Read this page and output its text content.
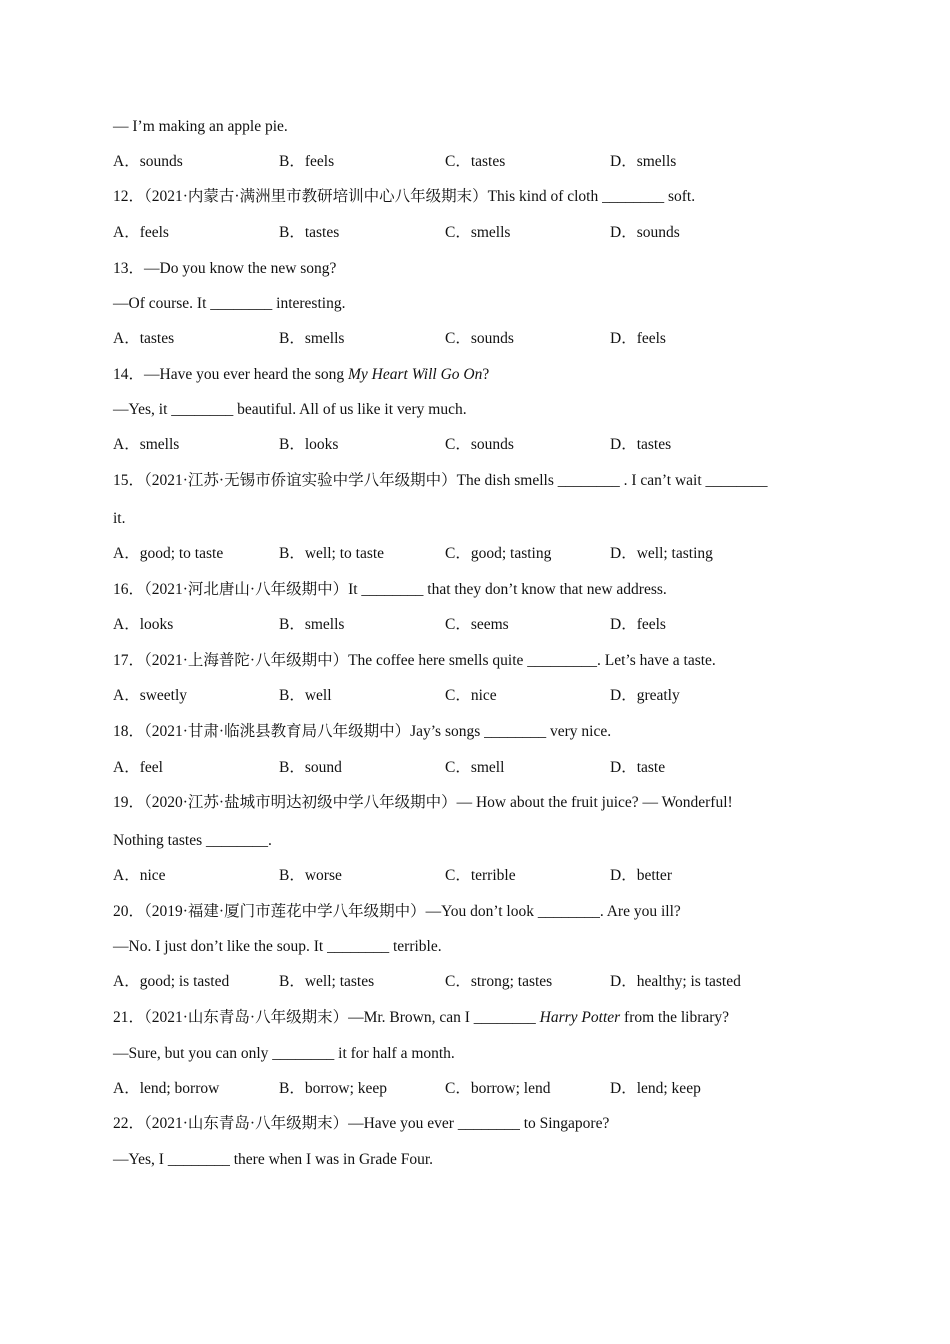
— I’m making an apple pie.
A．sounds	B．feels	C．tastes	D．smells
12．（2021·内蒙古·满洲里市教研培训中心八年级期末）This kind of cloth ________ soft.
A．feels	B．tastes	C．smells	D．sounds
13．—Do you know the new song?
—Of course. It ________ interesting.
A．tastes	B．smells	C．sounds	D．feels
14．—Have you ever heard the song My Heart Will Go On?
—Yes, it ________ beautiful. All of us like it very much.
A．smells	B．looks	C．sounds	D．tastes
15．（2021·江苏·无锡市侨谊实验中学八年级期中）The dish smells ________ . I can’t wait ________
it.
A．good; to taste	B．well; to taste	C．good; tasting	D．well; tasting
16．（2021·河北唐山·八年级期中）It ________ that they don’t know that new address.
A．looks	B．smells	C．seems	D．feels
17．（2021·上海普陀·八年级期中）The coffee here smells quite _________. Let’s have a taste.
A．sweetly	B．well	C．nice	D．greatly
18．（2021·甘肃·临洮县教育局八年级期中）Jay’s songs ________ very nice.
A．feel	B．sound	C．smell	D．taste
19．（2020·江苏·盐城市明达初级中学八年级期中）— How about the fruit juice? — Wonderful!
Nothing tastes ________.
A．nice	B．worse	C．terrible	D．better
20．（2019·福建·厦门市莲花中学八年级期中）—You don’t look ________. Are you ill?
—No. I just don’t like the soup. It ________ terrible.
A．good; is tasted	B．well; tastes	C．strong; tastes	D．healthy; is tasted
21．（2021·山东青岛·八年级期末）—Mr. Brown, can I ________ Harry Potter from the library?
—Sure, but you can only ________ it for half a month.
A．lend; borrow	B．borrow; keep	C．borrow; lend	D．lend; keep
22．（2021·山东青岛·八年级期末）—Have you ever ________ to Singapore?
—Yes, I ________ there when I was in Grade Four.
